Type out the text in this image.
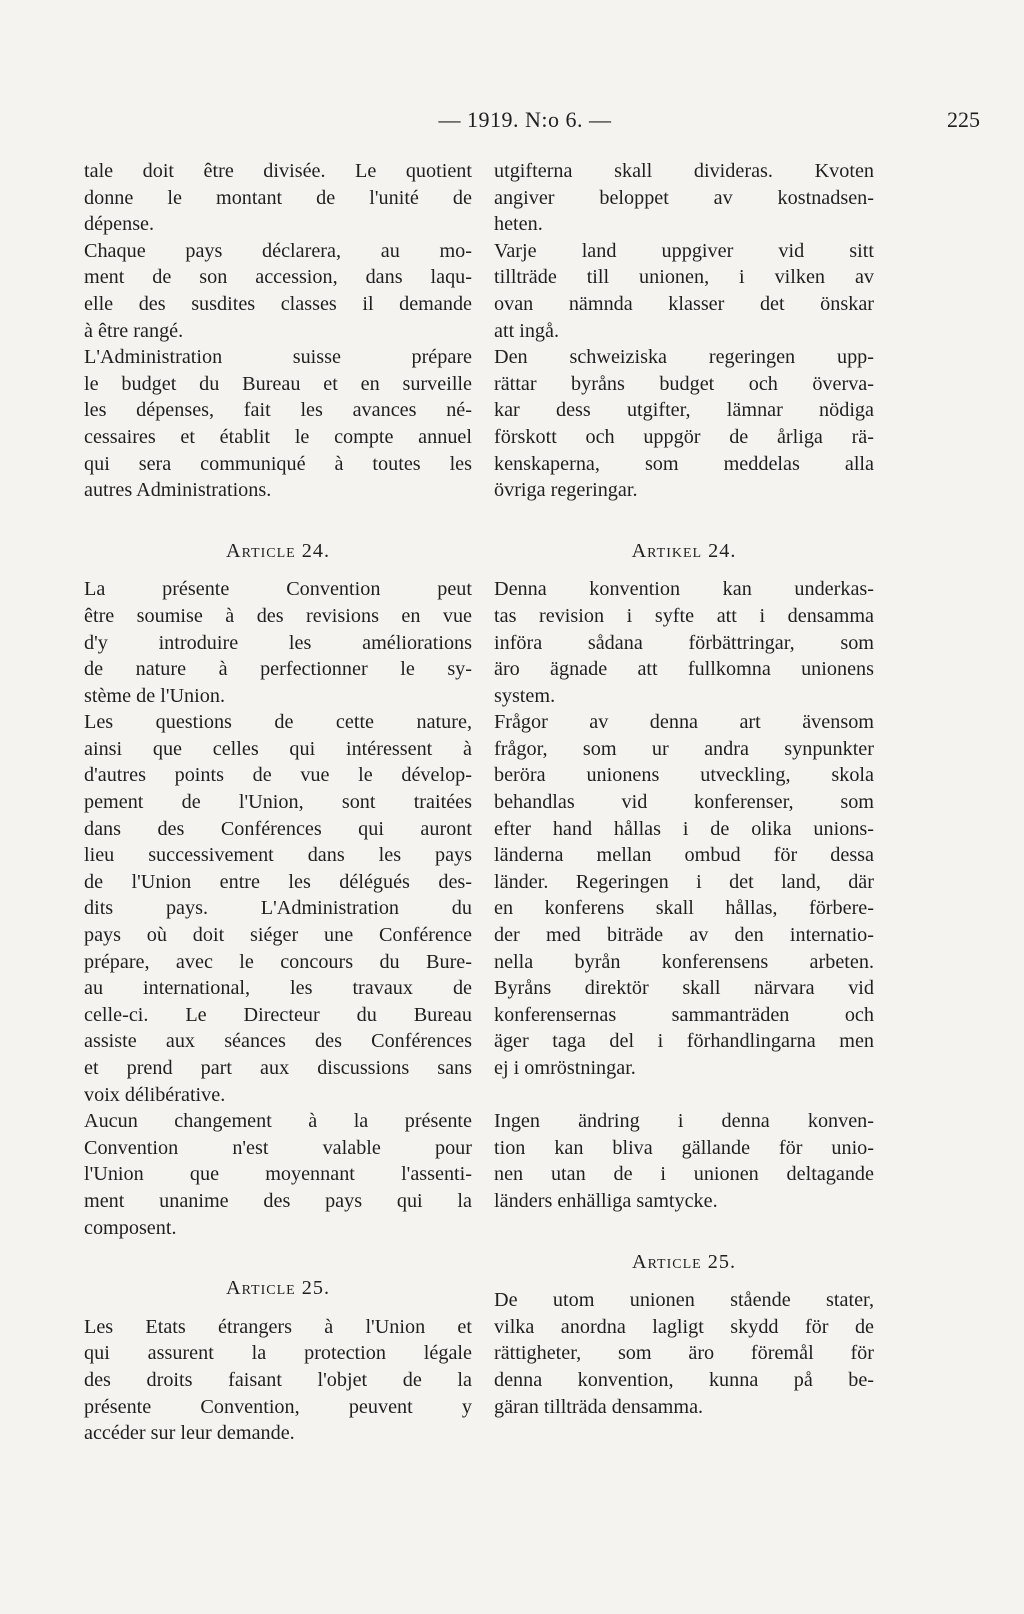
— 1919. N:o 6. —	225
tale doit être divisée. Le quotient
donne le montant de l'unité de
dépense.
Chaque pays déclarera, au mo-
ment de son accession, dans laqu-
elle des susdites classes il demande
à être rangé.
L'Administration suisse prépare
le budget du Bureau et en surveille
les dépenses, fait les avances né-
cessaires et établit le compte annuel
qui sera communiqué à toutes les
autres Administrations.
Article 24.
La présente Convention peut
être soumise à des revisions en vue
d'y introduire les améliorations
de nature à perfectionner le sy-
stème de l'Union.
Les questions de cette nature,
ainsi que celles qui intéressent à
d'autres points de vue le dévelop-
pement de l'Union, sont traitées
dans des Conférences qui auront
lieu successivement dans les pays
de l'Union entre les délégués des-
dits pays. L'Administration du
pays où doit siéger une Conférence
prépare, avec le concours du Bure-
au international, les travaux de
celle-ci. Le Directeur du Bureau
assiste aux séances des Conférences
et prend part aux discussions sans
voix délibérative.
Aucun changement à la présente
Convention n'est valable pour
l'Union que moyennant l'assenti-
ment unanime des pays qui la
composent.
Article 25.
Les Etats étrangers à l'Union et
qui assurent la protection légale
des droits faisant l'objet de la
présente Convention, peuvent y
accéder sur leur demande.
utgifterna skall divideras. Kvoten
angiver beloppet av kostnadsen-
heten.
Varje land uppgiver vid sitt
tillträde till unionen, i vilken av
ovan nämnda klasser det önskar
att ingå.
Den schweiziska regeringen upp-
rättar byråns budget och överva-
kar dess utgifter, lämnar nödiga
förskott och uppgör de årliga rä-
kenskaperna, som meddelas alla
övriga regeringar.
Artikel 24.
Denna konvention kan underkas-
tas revision i syfte att i densamma
införa sådana förbättringar, som
äro ägnade att fullkomna unionens
system.
Frågor av denna art ävensom
frågor, som ur andra synpunkter
beröra unionens utveckling, skola
behandlas vid konferenser, som
efter hand hållas i de olika unions-
länderna mellan ombud för dessa
länder. Regeringen i det land, där
en konferens skall hållas, förbere-
der med biträde av den internatio-
nella byrån konferensens arbeten.
Byråns direktör skall närvara vid
konferensernas sammanträden och
äger taga del i förhandlingarna men
ej i omröstningar.
Ingen ändring i denna konven-
tion kan bliva gällande för unio-
nen utan de i unionen deltagande
länders enhälliga samtycke.
Article 25.
De utom unionen stående stater,
vilka anordna lagligt skydd för de
rättigheter, som äro föremål för
denna konvention, kunna på be-
gäran tillträda densamma.
